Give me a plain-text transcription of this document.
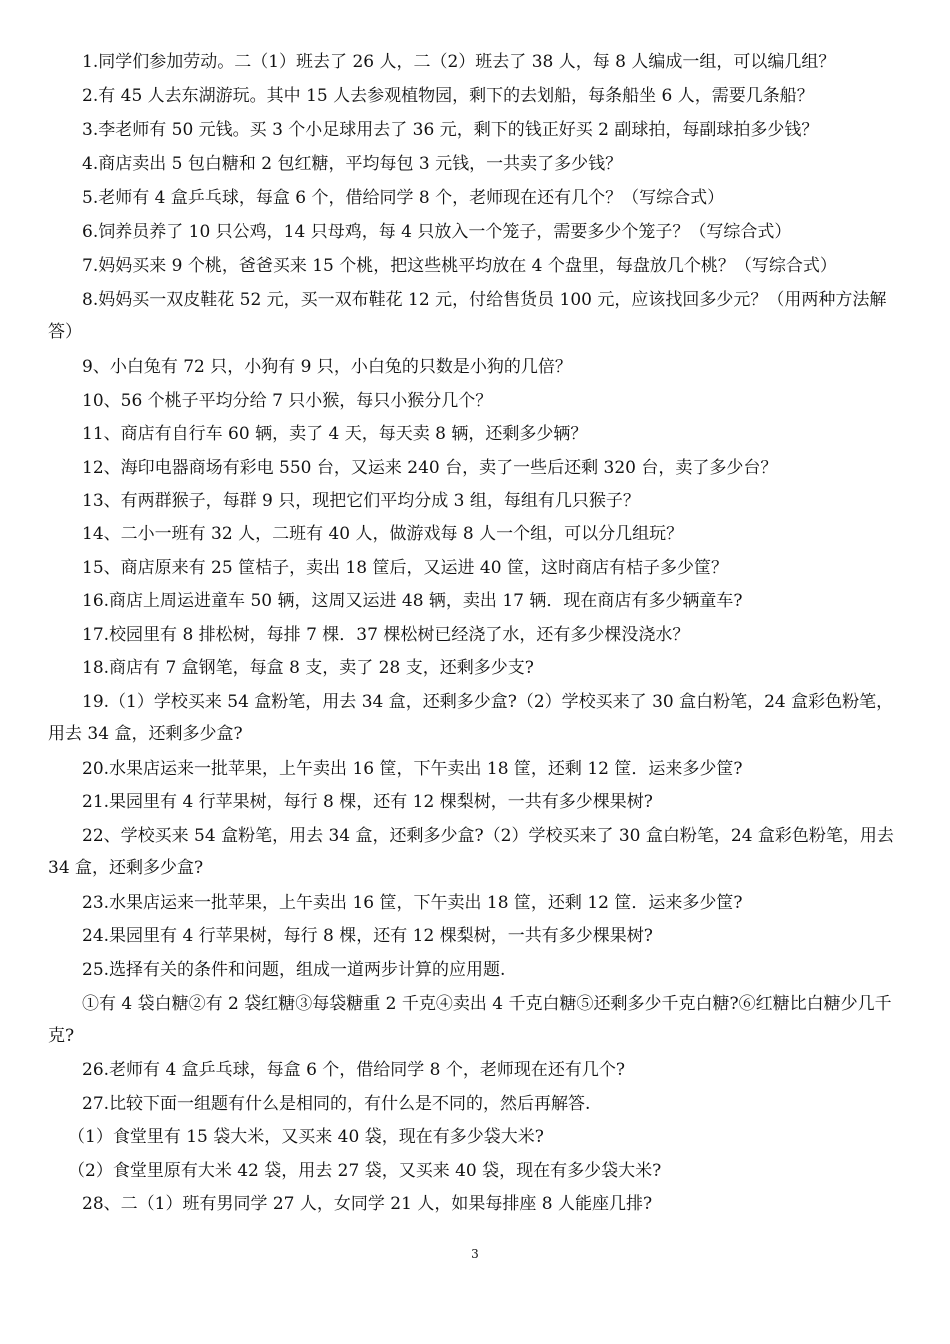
1.同学们参加劳动。二（1）班去了 26 人，二（2）班去了 38 人，每 8 人编成一组，可以编几组？
2.有 45 人去东湖游玩。其中 15 人去参观植物园，剩下的去划船，每条船坐 6 人，需要几条船？
3.李老师有 50 元钱。买 3 个小足球用去了 36 元，剩下的钱正好买 2 副球拍，每副球拍多少钱？
4.商店卖出 5 包白糖和 2 包红糖，平均每包 3 元钱，一共卖了多少钱？
5.老师有 4 盒乒乓球，每盒 6 个，借给同学 8 个，老师现在还有几个？（写综合式）
6.饲养员养了 10 只公鸡，14 只母鸡，每 4 只放入一个笼子，需要多少个笼子？（写综合式）
7.妈妈买来 9 个桃，爸爸买来 15 个桃，把这些桃平均放在 4 个盘里，每盘放几个桃？（写综合式）
8.妈妈买一双皮鞋花 52 元，买一双布鞋花 12 元，付给售货员 100 元，应该找回多少元？（用两种方法解答）
9、小白兔有 72 只，小狗有 9 只，小白兔的只数是小狗的几倍？
10、56 个桃子平均分给 7 只小猴，每只小猴分几个？
11、商店有自行车 60 辆，卖了 4 天，每天卖 8 辆，还剩多少辆？
12、海印电器商场有彩电 550 台，又运来 240 台，卖了一些后还剩 320 台，卖了多少台？
13、有两群猴子，每群 9 只，现把它们平均分成 3 组，每组有几只猴子？
14、二小一班有 32 人，二班有 40 人，做游戏每 8 人一个组，可以分几组玩？
15、商店原来有 25 筐桔子，卖出 18 筐后，又运进 40 筐，这时商店有桔子多少筐？
16.商店上周运进童车 50 辆，这周又运进 48 辆，卖出 17 辆．现在商店有多少辆童车?
17.校园里有 8 排松树，每排 7 棵．37 棵松树已经浇了水，还有多少棵没浇水？
18.商店有 7 盒钢笔，每盒 8 支，卖了 28 支，还剩多少支?
19.（1）学校买来 54 盒粉笔，用去 34 盒，还剩多少盒?（2）学校买来了 30 盒白粉笔，24 盒彩色粉笔，用去 34 盒，还剩多少盒?
20.水果店运来一批苹果，上午卖出 16 筐，下午卖出 18 筐，还剩 12 筐．运来多少筐?
21.果园里有 4 行苹果树，每行 8 棵，还有 12 棵梨树，一共有多少棵果树?
22、学校买来 54 盒粉笔，用去 34 盒，还剩多少盒?（2）学校买来了 30 盒白粉笔，24 盒彩色粉笔，用去 34 盒，还剩多少盒?
23.水果店运来一批苹果，上午卖出 16 筐，下午卖出 18 筐，还剩 12 筐．运来多少筐?
24.果园里有 4 行苹果树，每行 8 棵，还有 12 棵梨树，一共有多少棵果树?
25.选择有关的条件和问题，组成一道两步计算的应用题.
①有 4 袋白糖②有 2 袋红糖③每袋糖重 2 千克④卖出 4 千克白糖⑤还剩多少千克白糖?⑥红糖比白糖少几千克?
26.老师有 4 盒乒乓球，每盒 6 个，借给同学 8 个，老师现在还有几个?
27.比较下面一组题有什么是相同的，有什么是不同的，然后再解答.
（1）食堂里有 15 袋大米，又买来 40 袋，现在有多少袋大米?
（2）食堂里原有大米 42 袋，用去 27 袋，又买来 40 袋，现在有多少袋大米?
28、二（1）班有男同学 27 人，女同学 21 人，如果每排座 8 人能座几排?
3
